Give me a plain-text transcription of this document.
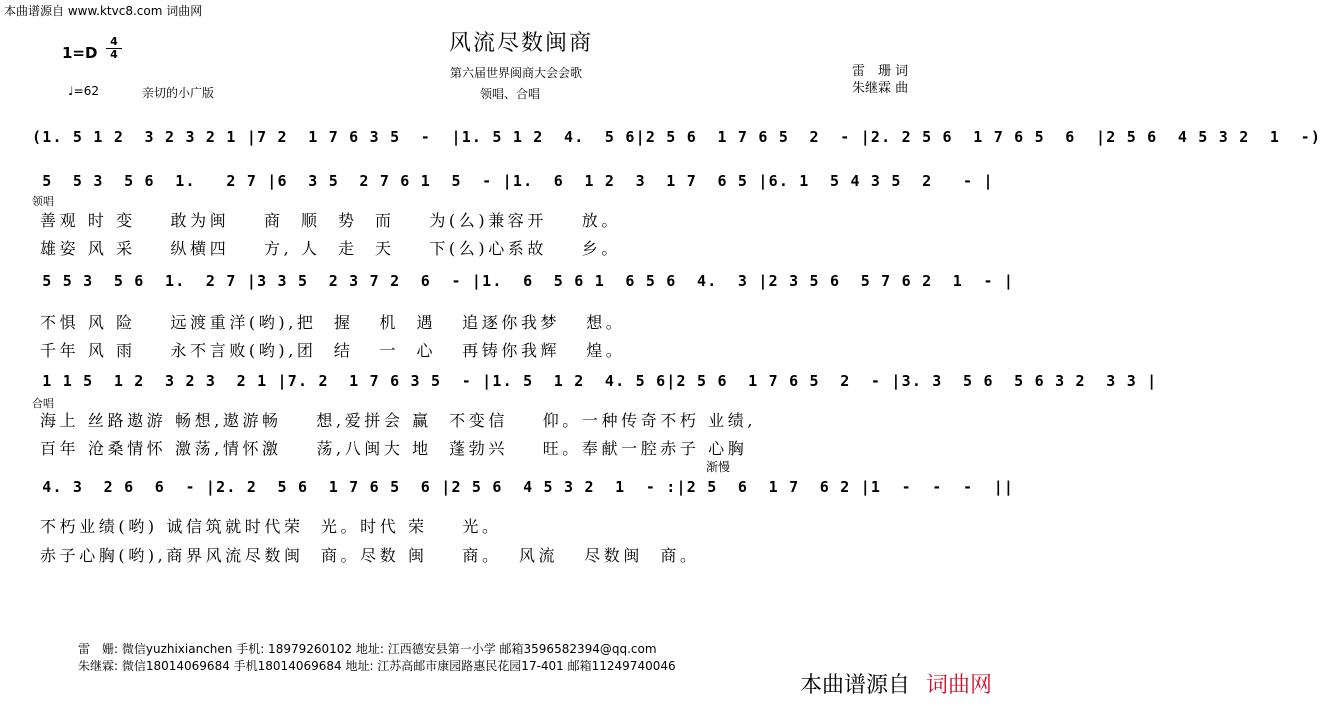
本曲谱源自 www.ktvc8.com 词曲网
风流尽数闽商
第六届世界闽商大会会歌
领唱、合唱
雷　珊 词
朱继霖 曲
$1=D \frac{4}{4}$
♩=62	亲切的小广版
(1. 5 1 2  3 2 3 2 1 |7 2  1 7 6 3 5  -  |1. 5 1 2  4.  5 6|2 5 6  1 7 6 5  2  - |2. 2 5 6  1 7 6 5  6  |2 5 6  4 5 3 2  1  -)
5  5 3  5 6  1.   2 7 |6  3 5  2 7 6 1  5  - |1.  6  1 2  3  1 7  6 5 |6. 1  5 4 3 5  2   - |
领唱
善观 时 变    敢为闽    商  顺  势  而    为(么)兼容开    放。
雄姿 风 采    纵横四    方, 人  走  天    下(么)心系故    乡。
5 5 3  5 6  1.  2 7 |3 3 5  2 3 7 2  6  - |1.  6  5 6 1  6 5 6  4.  3 |2 3 5 6  5 7 6 2  1  - |
不惧 风 险    远渡重洋(哟),把  握   机  遇   追逐你我梦   想。
千年 风 雨    永不言败(哟),团  结   一  心   再铸你我辉   煌。
1 1 5  1 2  3 2 3  2 1 |7. 2  1 7 6 3 5  - |1. 5  1 2  4. 5 6|2 5 6  1 7 6 5  2  - |3. 3  5 6  5 6 3 2  3 3 |
合唱
海上 丝路遨游 畅想,遨游畅    想,爱拼会 赢  不变信    仰。一种传奇不朽 业绩,
百年 沧桑情怀 激荡,情怀激    荡,八闽大 地  蓬勃兴    旺。奉献一腔赤子 心胸
渐慢
4. 3  2 6  6  - |2. 2  5 6  1 7 6 5  6 |2 5 6  4 5 3 2  1  - :|2 5  6  1 7  6 2 |1  -  -  -  ||
不朽业绩(哟) 诚信筑就时代荣  光。时代 荣    光。
赤子心胸(哟),商界风流尽数闽  商。尽数 闽    商。  风流   尽数闽  商。
雷　姗: 微信yuzhixianchen 手机: 18979260102 地址: 江西德安县第一小学 邮箱3596582394@qq.com
朱继霖: 微信18014069684 手机18014069684 地址: 江苏高邮市康园路惠民花园17-401 邮箱11249740046
本曲谱源自 词曲网
